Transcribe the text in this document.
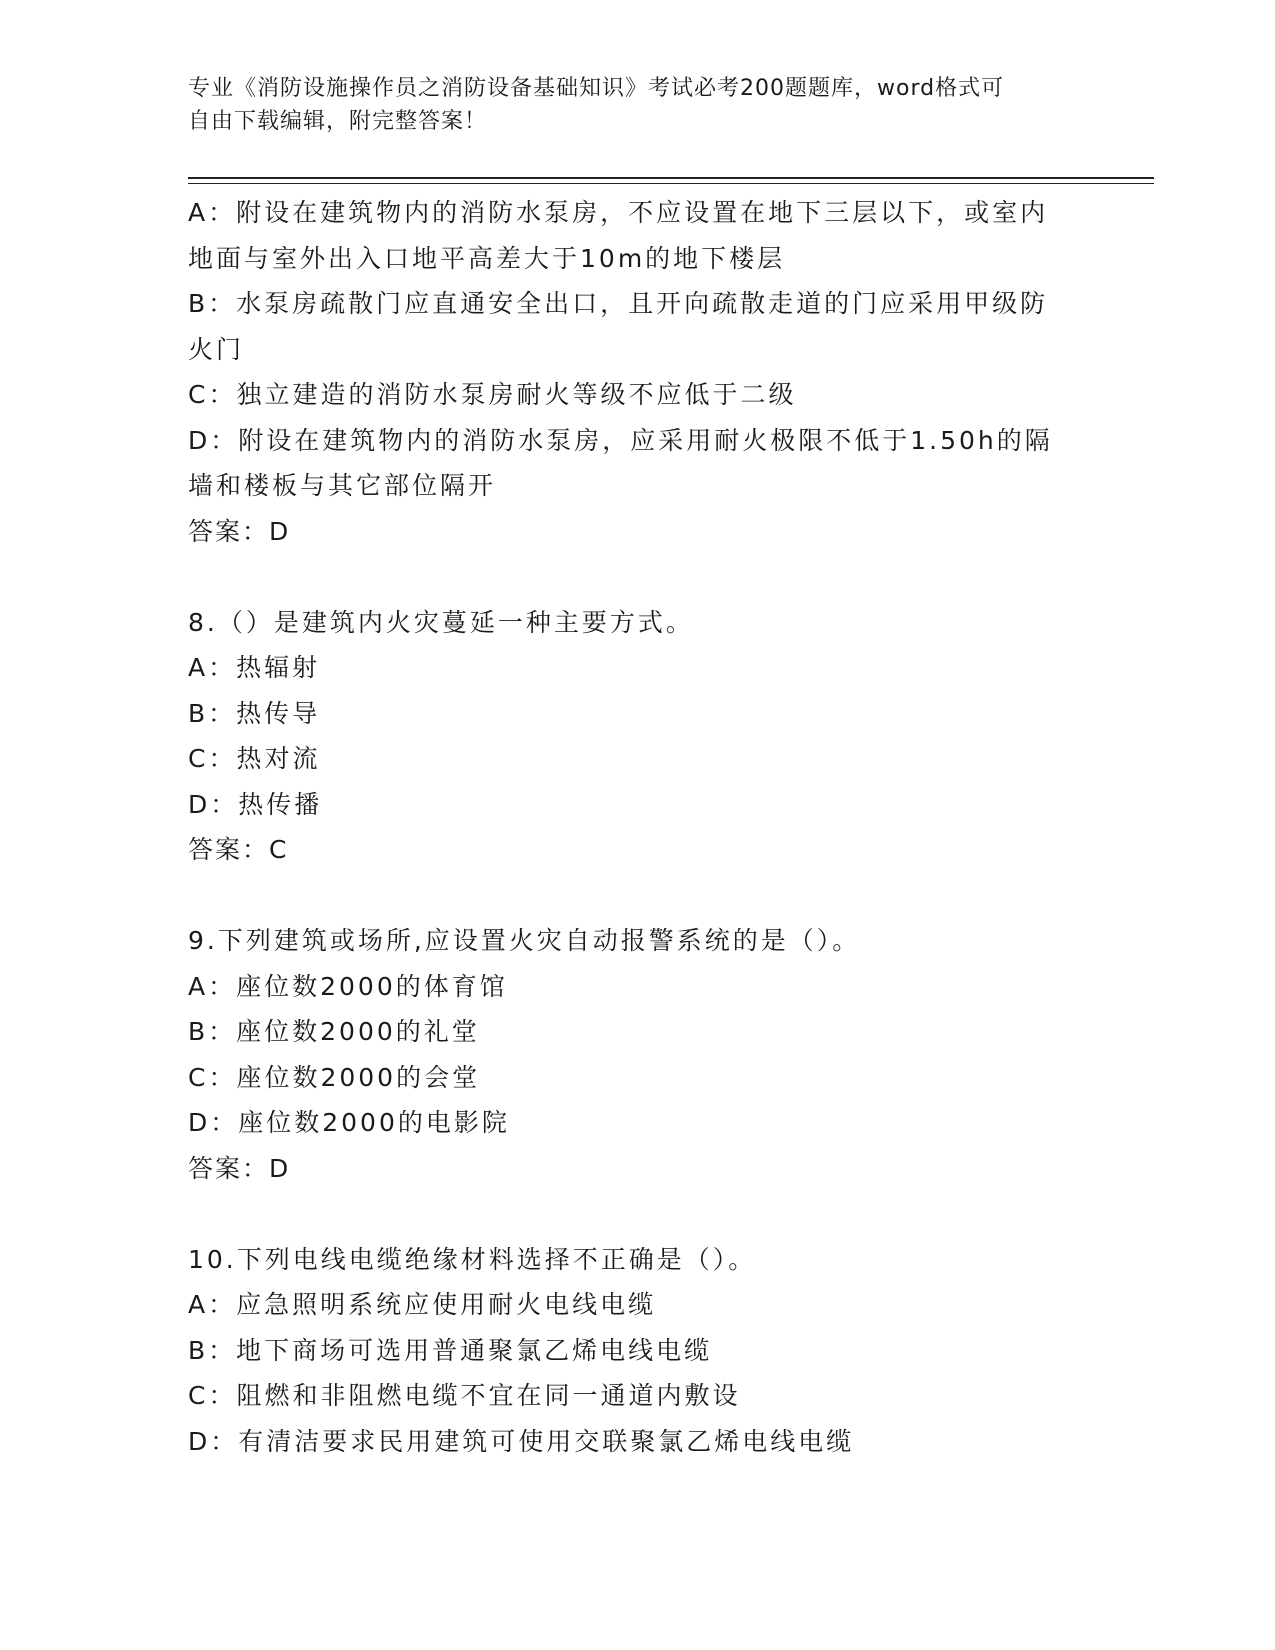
专业《消防设施操作员之消防设备基础知识》考试必考200题题库，word格式可
自由下载编辑，附完整答案！
A：附设在建筑物内的消防水泵房，不应设置在地下三层以下，或室内
地面与室外出入口地平高差大于10m的地下楼层
B：水泵房疏散门应直通安全出口，且开向疏散走道的门应采用甲级防
火门
C：独立建造的消防水泵房耐火等级不应低于二级
D：附设在建筑物内的消防水泵房，应采用耐火极限不低于1.50h的隔
墙和楼板与其它部位隔开
答案：D
8.（）是建筑内火灾蔓延一种主要方式。
A：热辐射
B：热传导
C：热对流
D：热传播
答案：C
9.下列建筑或场所,应设置火灾自动报警系统的是（）。
A：座位数2000的体育馆
B：座位数2000的礼堂
C：座位数2000的会堂
D：座位数2000的电影院
答案：D
10.下列电线电缆绝缘材料选择不正确是（）。
A：应急照明系统应使用耐火电线电缆
B：地下商场可选用普通聚氯乙烯电线电缆
C：阻燃和非阻燃电缆不宜在同一通道内敷设
D：有清洁要求民用建筑可使用交联聚氯乙烯电线电缆
